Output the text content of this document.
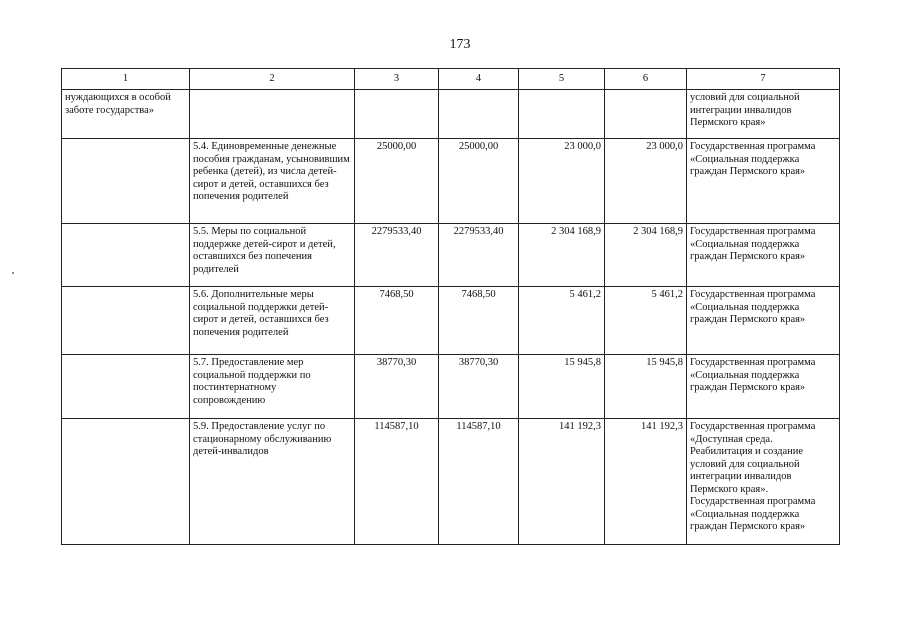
173
1	2	3	4	5	6	7
нуждающихся в особой заботе государства»						условий для социальной интеграции инвалидов Пермского края»
	5.4. Единовременные денежные пособия гражданам, усыновившим ребенка (детей), из числа детей-сирот и детей, оставшихся без попечения родителей	25000,00	25000,00	23 000,0	23 000,0	Государственная программа «Социальная поддержка граждан Пермского края»
	5.5. Меры по социальной поддержке детей-сирот и детей, оставшихся без попечения родителей	2279533,40	2279533,40	2 304 168,9	2 304 168,9	Государственная программа «Социальная поддержка граждан Пермского края»
	5.6. Дополнительные меры социальной поддержки детей-сирот и детей, оставшихся без попечения родителей	7468,50	7468,50	5 461,2	5 461,2	Государственная программа «Социальная поддержка граждан Пермского края»
	5.7. Предоставление мер социальной поддержки по постинтернатному сопровождению	38770,30	38770,30	15 945,8	15 945,8	Государственная программа «Социальная поддержка граждан Пермского края»
	5.9. Предоставление услуг по стационарному обслуживанию детей-инвалидов	114587,10	114587,10	141 192,3	141 192,3	Государственная программа «Доступная среда. Реабилитация и создание условий для социальной интеграции инвалидов Пермского края». Государственная программа «Социальная поддержка граждан Пермского края»
